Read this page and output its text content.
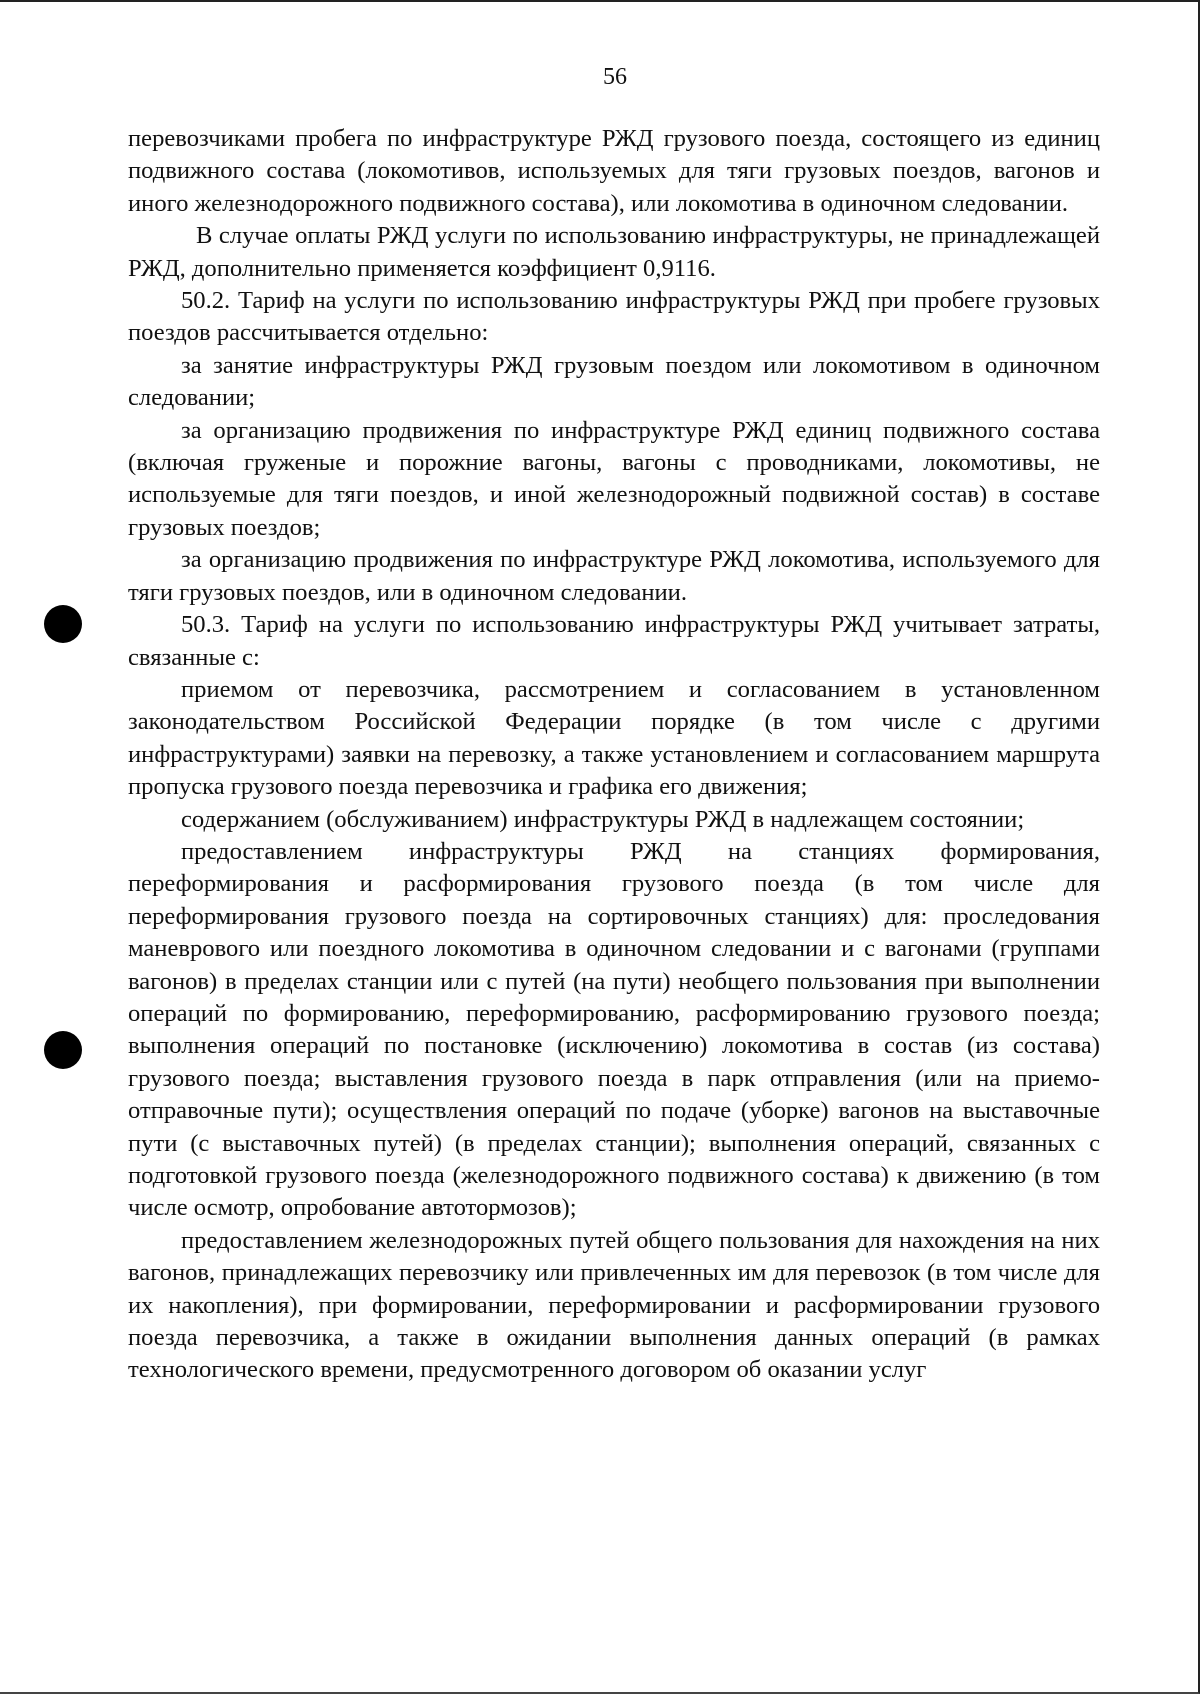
56

перевозчиками пробега по инфраструктуре РЖД грузового поезда, состоящего из единиц подвижного состава (локомотивов, используемых для тяги грузовых поездов, вагонов и иного железнодорожного подвижного состава), или локомотива в одиночном следовании.

В случае оплаты РЖД услуги по использованию инфраструктуры, не принадлежащей РЖД, дополнительно применяется коэффициент 0,9116.

50.2. Тариф на услуги по использованию инфраструктуры РЖД при пробеге грузовых поездов рассчитывается отдельно:

за занятие инфраструктуры РЖД грузовым поездом или локомотивом в одиночном следовании;

за организацию продвижения по инфраструктуре РЖД единиц подвижного состава (включая груженые и порожние вагоны, вагоны с проводниками, локомотивы, не используемые для тяги поездов, и иной железнодорожный подвижной состав) в составе грузовых поездов;

за организацию продвижения по инфраструктуре РЖД локомотива, используемого для тяги грузовых поездов, или в одиночном следовании.

50.3. Тариф на услуги по использованию инфраструктуры РЖД учитывает затраты, связанные с:

приемом от перевозчика, рассмотрением и согласованием в установленном законодательством Российской Федерации порядке (в том числе с другими инфраструктурами) заявки на перевозку, а также установлением и согласованием маршрута пропуска грузового поезда перевозчика и графика его движения;

содержанием (обслуживанием) инфраструктуры РЖД в надлежащем состоянии;

предоставлением инфраструктуры РЖД на станциях формирования, переформирования и расформирования грузового поезда (в том числе для переформирования грузового поезда на сортировочных станциях) для: проследования маневрового или поездного локомотива в одиночном следовании и с вагонами (группами вагонов) в пределах станции или с путей (на пути) необщего пользования при выполнении операций по формированию, переформированию, расформированию грузового поезда; выполнения операций по постановке (исключению) локомотива в состав (из состава) грузового поезда; выставления грузового поезда в парк отправления (или на приемо-отправочные пути); осуществления операций по подаче (уборке) вагонов на выставочные пути (с выставочных путей) (в пределах станции); выполнения операций, связанных с подготовкой грузового поезда (железнодорожного подвижного состава) к движению (в том числе осмотр, опробование автотормозов);

предоставлением железнодорожных путей общего пользования для нахождения на них вагонов, принадлежащих перевозчику или привлеченных им для перевозок (в том числе для их накопления), при формировании, переформировании и расформировании грузового поезда перевозчика, а также в ожидании выполнения данных операций (в рамках технологического времени, предусмотренного договором об оказании услуг
